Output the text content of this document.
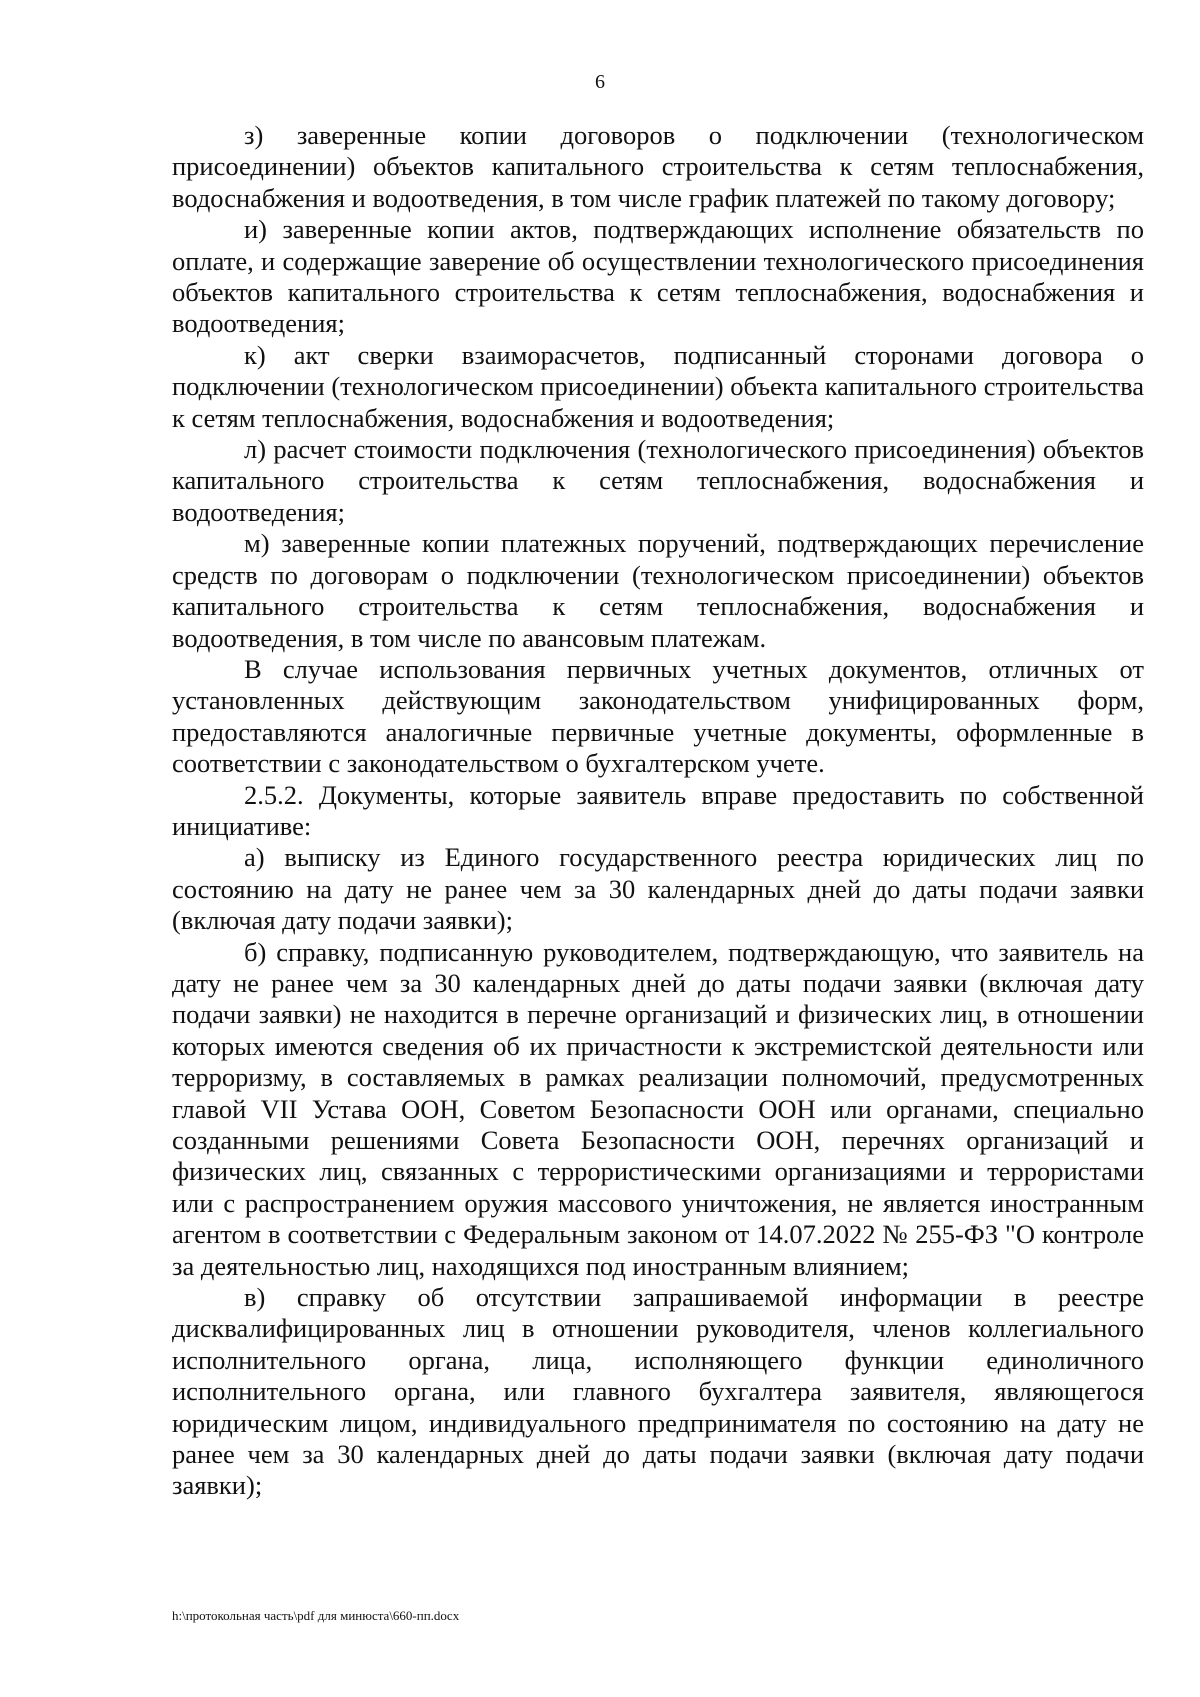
6

з) заверенные копии договоров о подключении (технологическом присоединении) объектов капитального строительства к сетям теплоснабжения, водоснабжения и водоотведения, в том числе график платежей по такому договору;

и) заверенные копии актов, подтверждающих исполнение обязательств по оплате, и содержащие заверение об осуществлении технологического присоединения объектов капитального строительства к сетям теплоснабжения, водоснабжения и водоотведения;

к) акт сверки взаиморасчетов, подписанный сторонами договора о подключении (технологическом присоединении) объекта капитального строительства к сетям теплоснабжения, водоснабжения и водоотведения;

л) расчет стоимости подключения (технологического присоединения) объектов капитального строительства к сетям теплоснабжения, водоснабжения и водоотведения;

м) заверенные копии платежных поручений, подтверждающих перечисление средств по договорам о подключении (технологическом присоединении) объектов капитального строительства к сетям теплоснабжения, водоснабжения и водоотведения, в том числе по авансовым платежам.

В случае использования первичных учетных документов, отличных от установленных действующим законодательством унифицированных форм, предоставляются аналогичные первичные учетные документы, оформленные в соответствии с законодательством о бухгалтерском учете.

2.5.2. Документы, которые заявитель вправе предоставить по собственной инициативе:

а) выписку из Единого государственного реестра юридических лиц по состоянию на дату не ранее чем за 30 календарных дней до даты подачи заявки (включая дату подачи заявки);

б) справку, подписанную руководителем, подтверждающую, что заявитель на дату не ранее чем за 30 календарных дней до даты подачи заявки (включая дату подачи заявки) не находится в перечне организаций и физических лиц, в отношении которых имеются сведения об их причастности к экстремистской деятельности или терроризму, в составляемых в рамках реализации полномочий, предусмотренных главой VII Устава ООН, Советом Безопасности ООН или органами, специально созданными решениями Совета Безопасности ООН, перечнях организаций и физических лиц, связанных с террористическими организациями и террористами или с распространением оружия массового уничтожения, не является иностранным агентом в соответствии с Федеральным законом от 14.07.2022 № 255-ФЗ "О контроле за деятельностью лиц, находящихся под иностранным влиянием;

в) справку об отсутствии запрашиваемой информации в реестре дисквалифицированных лиц в отношении руководителя, членов коллегиального исполнительного органа, лица, исполняющего функции единоличного исполнительного органа, или главного бухгалтера заявителя, являющегося юридическим лицом, индивидуального предпринимателя по состоянию на дату не ранее чем за 30 календарных дней до даты подачи заявки (включая дату подачи заявки);

h:\протокольная часть\pdf для минюста\660-пп.docx
